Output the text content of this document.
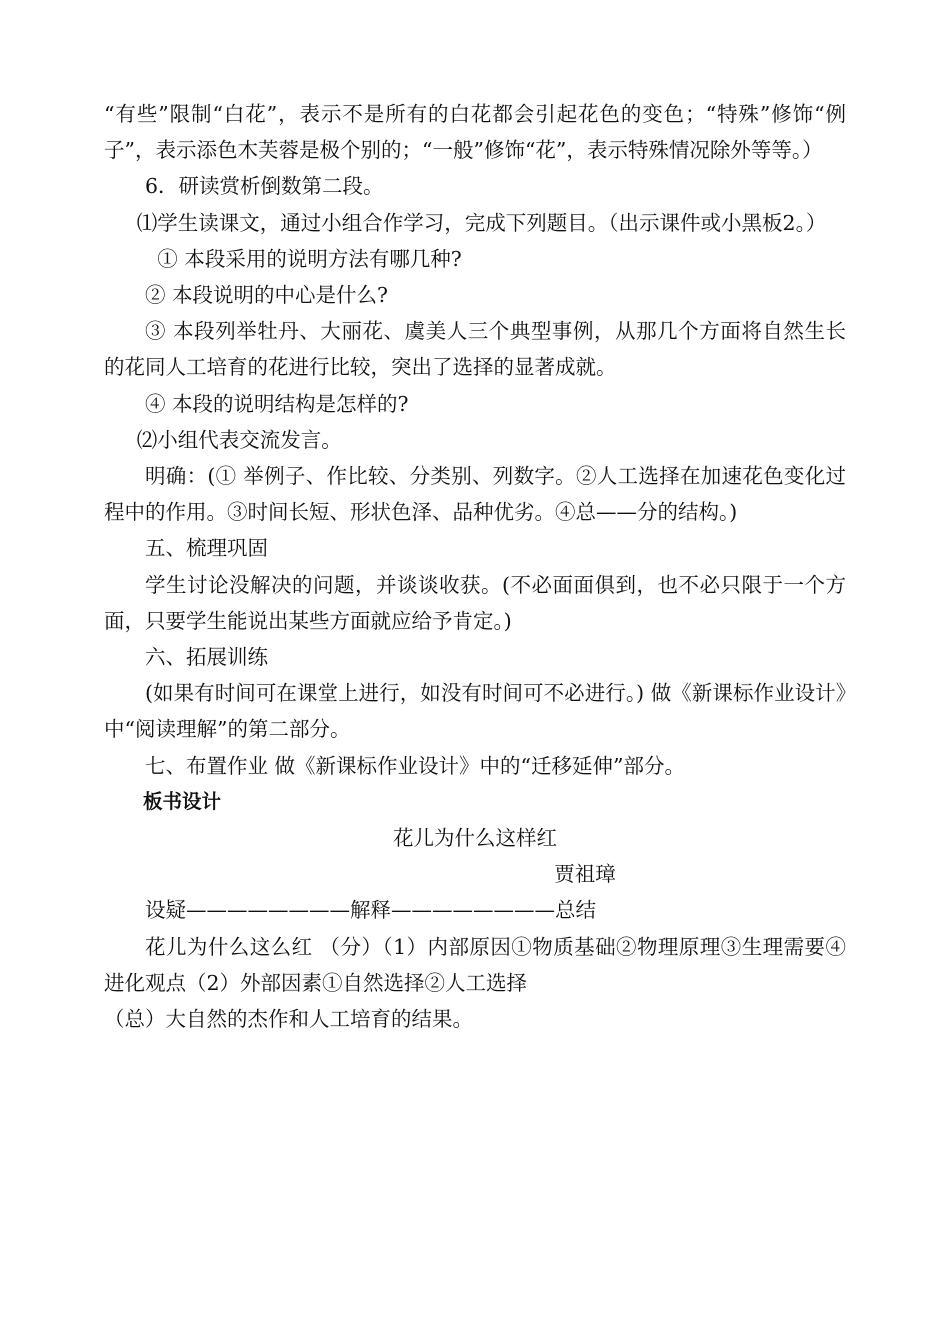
“有些”限制“白花”，表示不是所有的白花都会引起花色的变色；“特殊”修饰“例子”，表示添色木芙蓉是极个别的；“一般”修饰“花”，表示特殊情况除外等等。）

6．研读赏析倒数第二段。

⑴学生读课文，通过小组合作学习，完成下列题目。（出示课件或小黑板2。）

① 本段采用的说明方法有哪几种?

② 本段说明的中心是什么?

③ 本段列举牡丹、大丽花、虞美人三个典型事例，从那几个方面将自然生长的花同人工培育的花进行比较，突出了选择的显著成就。

④ 本段的说明结构是怎样的?

⑵小组代表交流发言。

明确：(① 举例子、作比较、分类别、列数字。②人工选择在加速花色变化过程中的作用。③时间长短、形状色泽、品种优劣。④总——分的结构。)

五、梳理巩固

学生讨论没解决的问题，并谈谈收获。(不必面面俱到，也不必只限于一个方面，只要学生能说出某些方面就应给予肯定。)

六、拓展训练

(如果有时间可在课堂上进行，如没有时间可不必进行。) 做《新课标作业设计》中“阅读理解”的第二部分。

七、布置作业 做《新课标作业设计》中的“迁移延伸”部分。

板书设计

花儿为什么这样红

贾祖璋

设疑————————解释————————总结

花儿为什么这么红 （分）（1）内部原因①物质基础②物理原理③生理需要④进化观点（2）外部因素①自然选择②人工选择

（总）大自然的杰作和人工培育的结果。
